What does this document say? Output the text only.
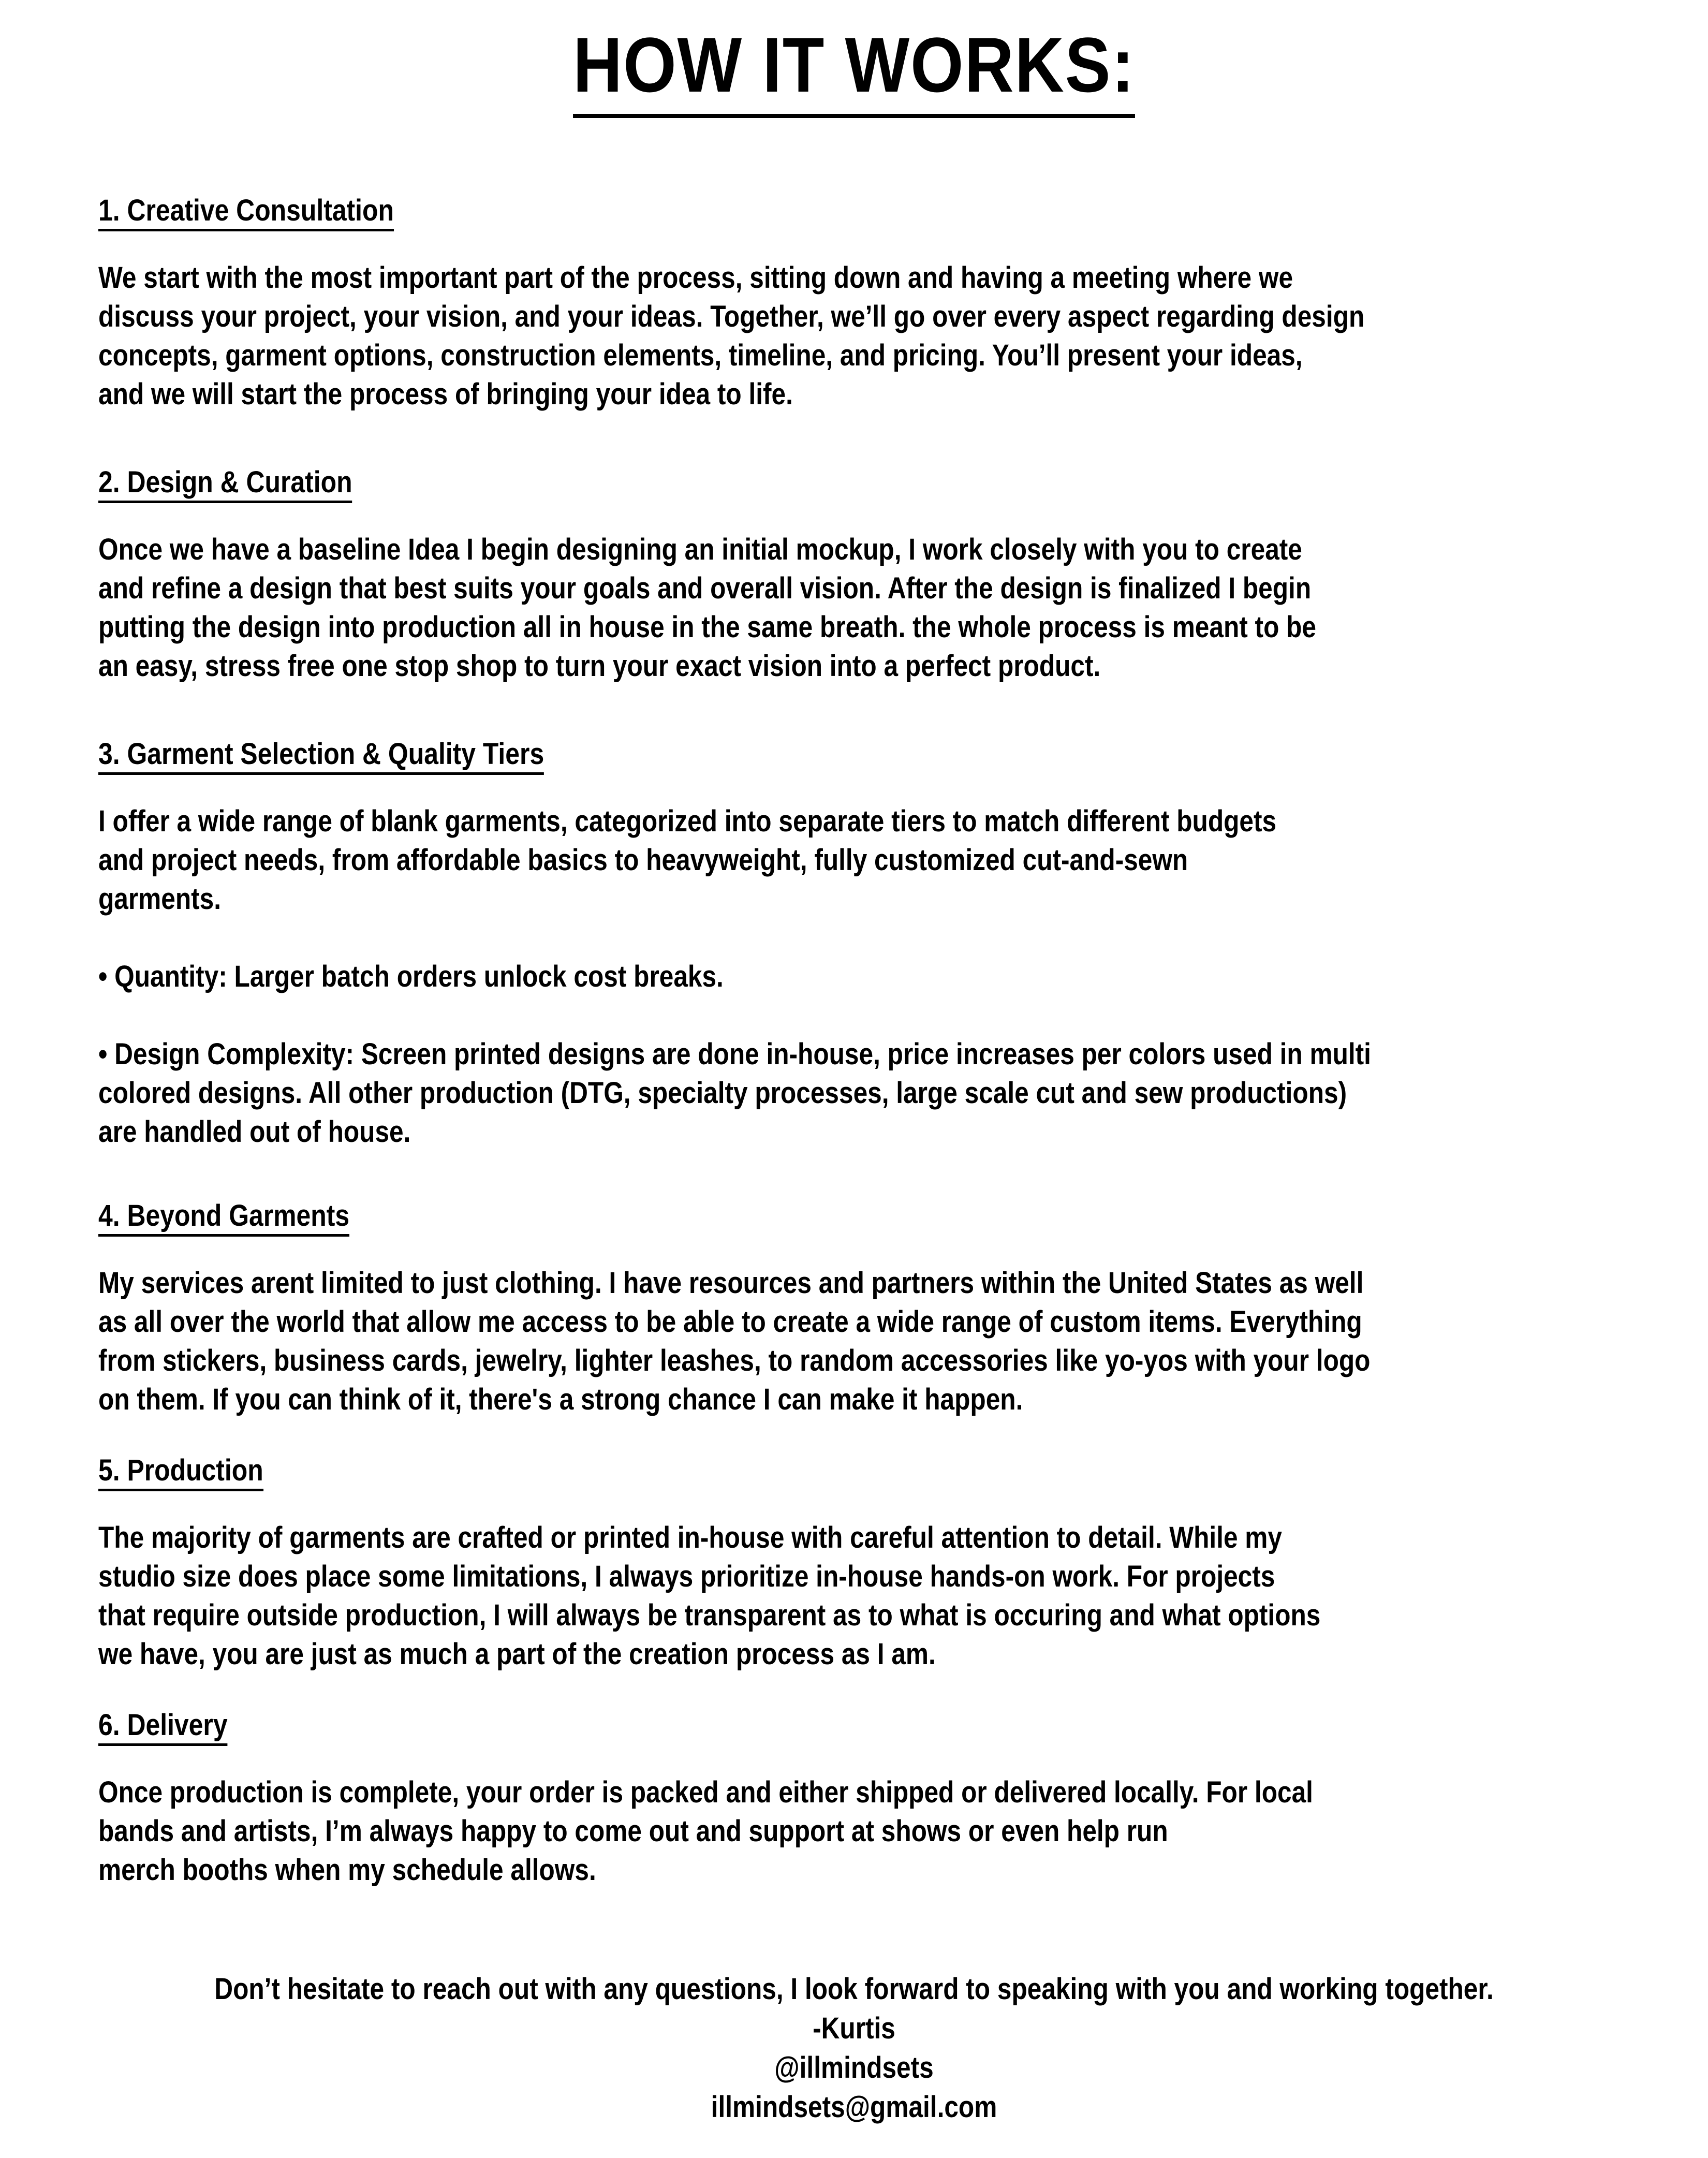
HOW IT WORKS:
1. Creative Consultation
We start with the most important part of the process, sitting down and having a meeting where we
discuss your project, your vision, and your ideas. Together, we’ll go over every aspect regarding design
concepts, garment options, construction elements, timeline, and pricing. You’ll present your ideas,
and we will start the process of bringing your idea to life.
2. Design & Curation
Once we have a baseline Idea I begin designing an initial mockup, I work closely with you to create
and refine a design that best suits your goals and overall vision. After the design is finalized I begin
putting the design into production all in house in the same breath. the whole process is meant to be
an easy, stress free one stop shop to turn your exact vision into a perfect product.
3. Garment Selection & Quality Tiers
I offer a wide range of blank garments, categorized into separate tiers to match different budgets
and project needs, from affordable basics to heavyweight, fully customized cut-and-sewn
garments.
• Quantity: Larger batch orders unlock cost breaks.
• Design Complexity: Screen printed designs are done in-house, price increases per colors used in multi
colored designs. All other production (DTG, specialty processes, large scale cut and sew productions)
are handled out of house.
4. Beyond Garments
My services arent limited to just clothing. I have resources and partners within the United States as well
as all over the world that allow me access to be able to create a wide range of custom items. Everything
from stickers, business cards, jewelry, lighter leashes, to random accessories like yo-yos with your logo
on them. If you can think of it, there's a strong chance I can make it happen.
5. Production
The majority of garments are crafted or printed in-house with careful attention to detail. While my
studio size does place some limitations, I always prioritize in-house hands-on work. For projects
that require outside production, I will always be transparent as to what is occuring and what options
we have, you are just as much a part of the creation process as I am.
6. Delivery
Once production is complete, your order is packed and either shipped or delivered locally. For local
bands and artists, I’m always happy to come out and support at shows or even help run
merch booths when my schedule allows.
Don’t hesitate to reach out with any questions, I look forward to speaking with you and working together.
-Kurtis
@illmindsets
illmindsets@gmail.com
